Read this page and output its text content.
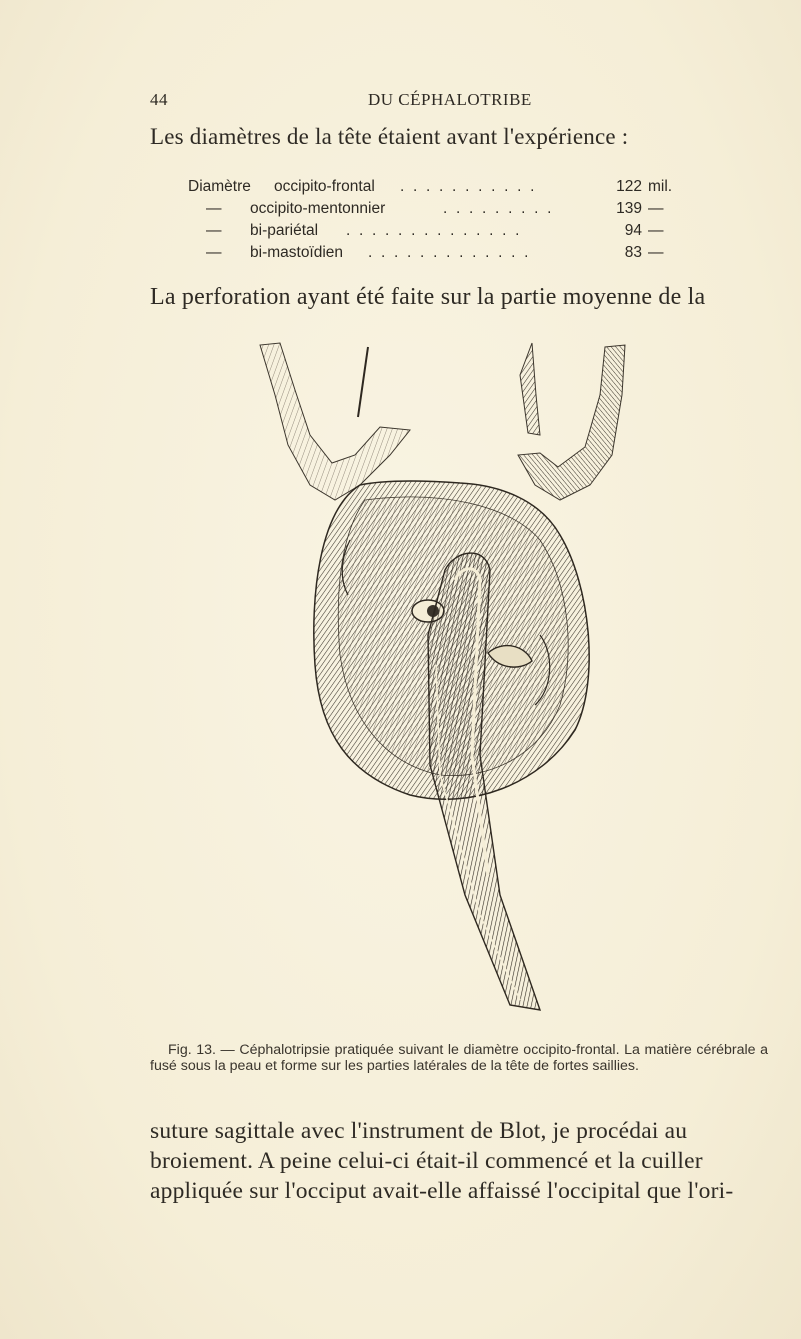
44	DU CÉPHALOTRIBE
Les diamètres de la tête étaient avant l'expérience :
Diamètre occipito-frontal . . . . . . . . . . .	122 mil.
— occipito-mentonnier	. . . . . . . . .	139 —
— bi-pariétal . . . . . . . . . . . . . .	94 —
— bi-mastoïdien . . . . . . . . . . . . .	83 —
La perforation ayant été faite sur la partie moyenne de la
Fig. 13. — Céphalotripsie pratiquée suivant le diamètre occipito-frontal. La matière cérébrale a fusé sous la peau et forme sur les parties latérales de la tête de fortes saillies.
suture sagittale avec l'instrument de Blot, je procédai au
broiement. A peine celui-ci était-il commencé et la cuiller
appliquée sur l'occiput avait-elle affaissé l'occipital que l'ori-
